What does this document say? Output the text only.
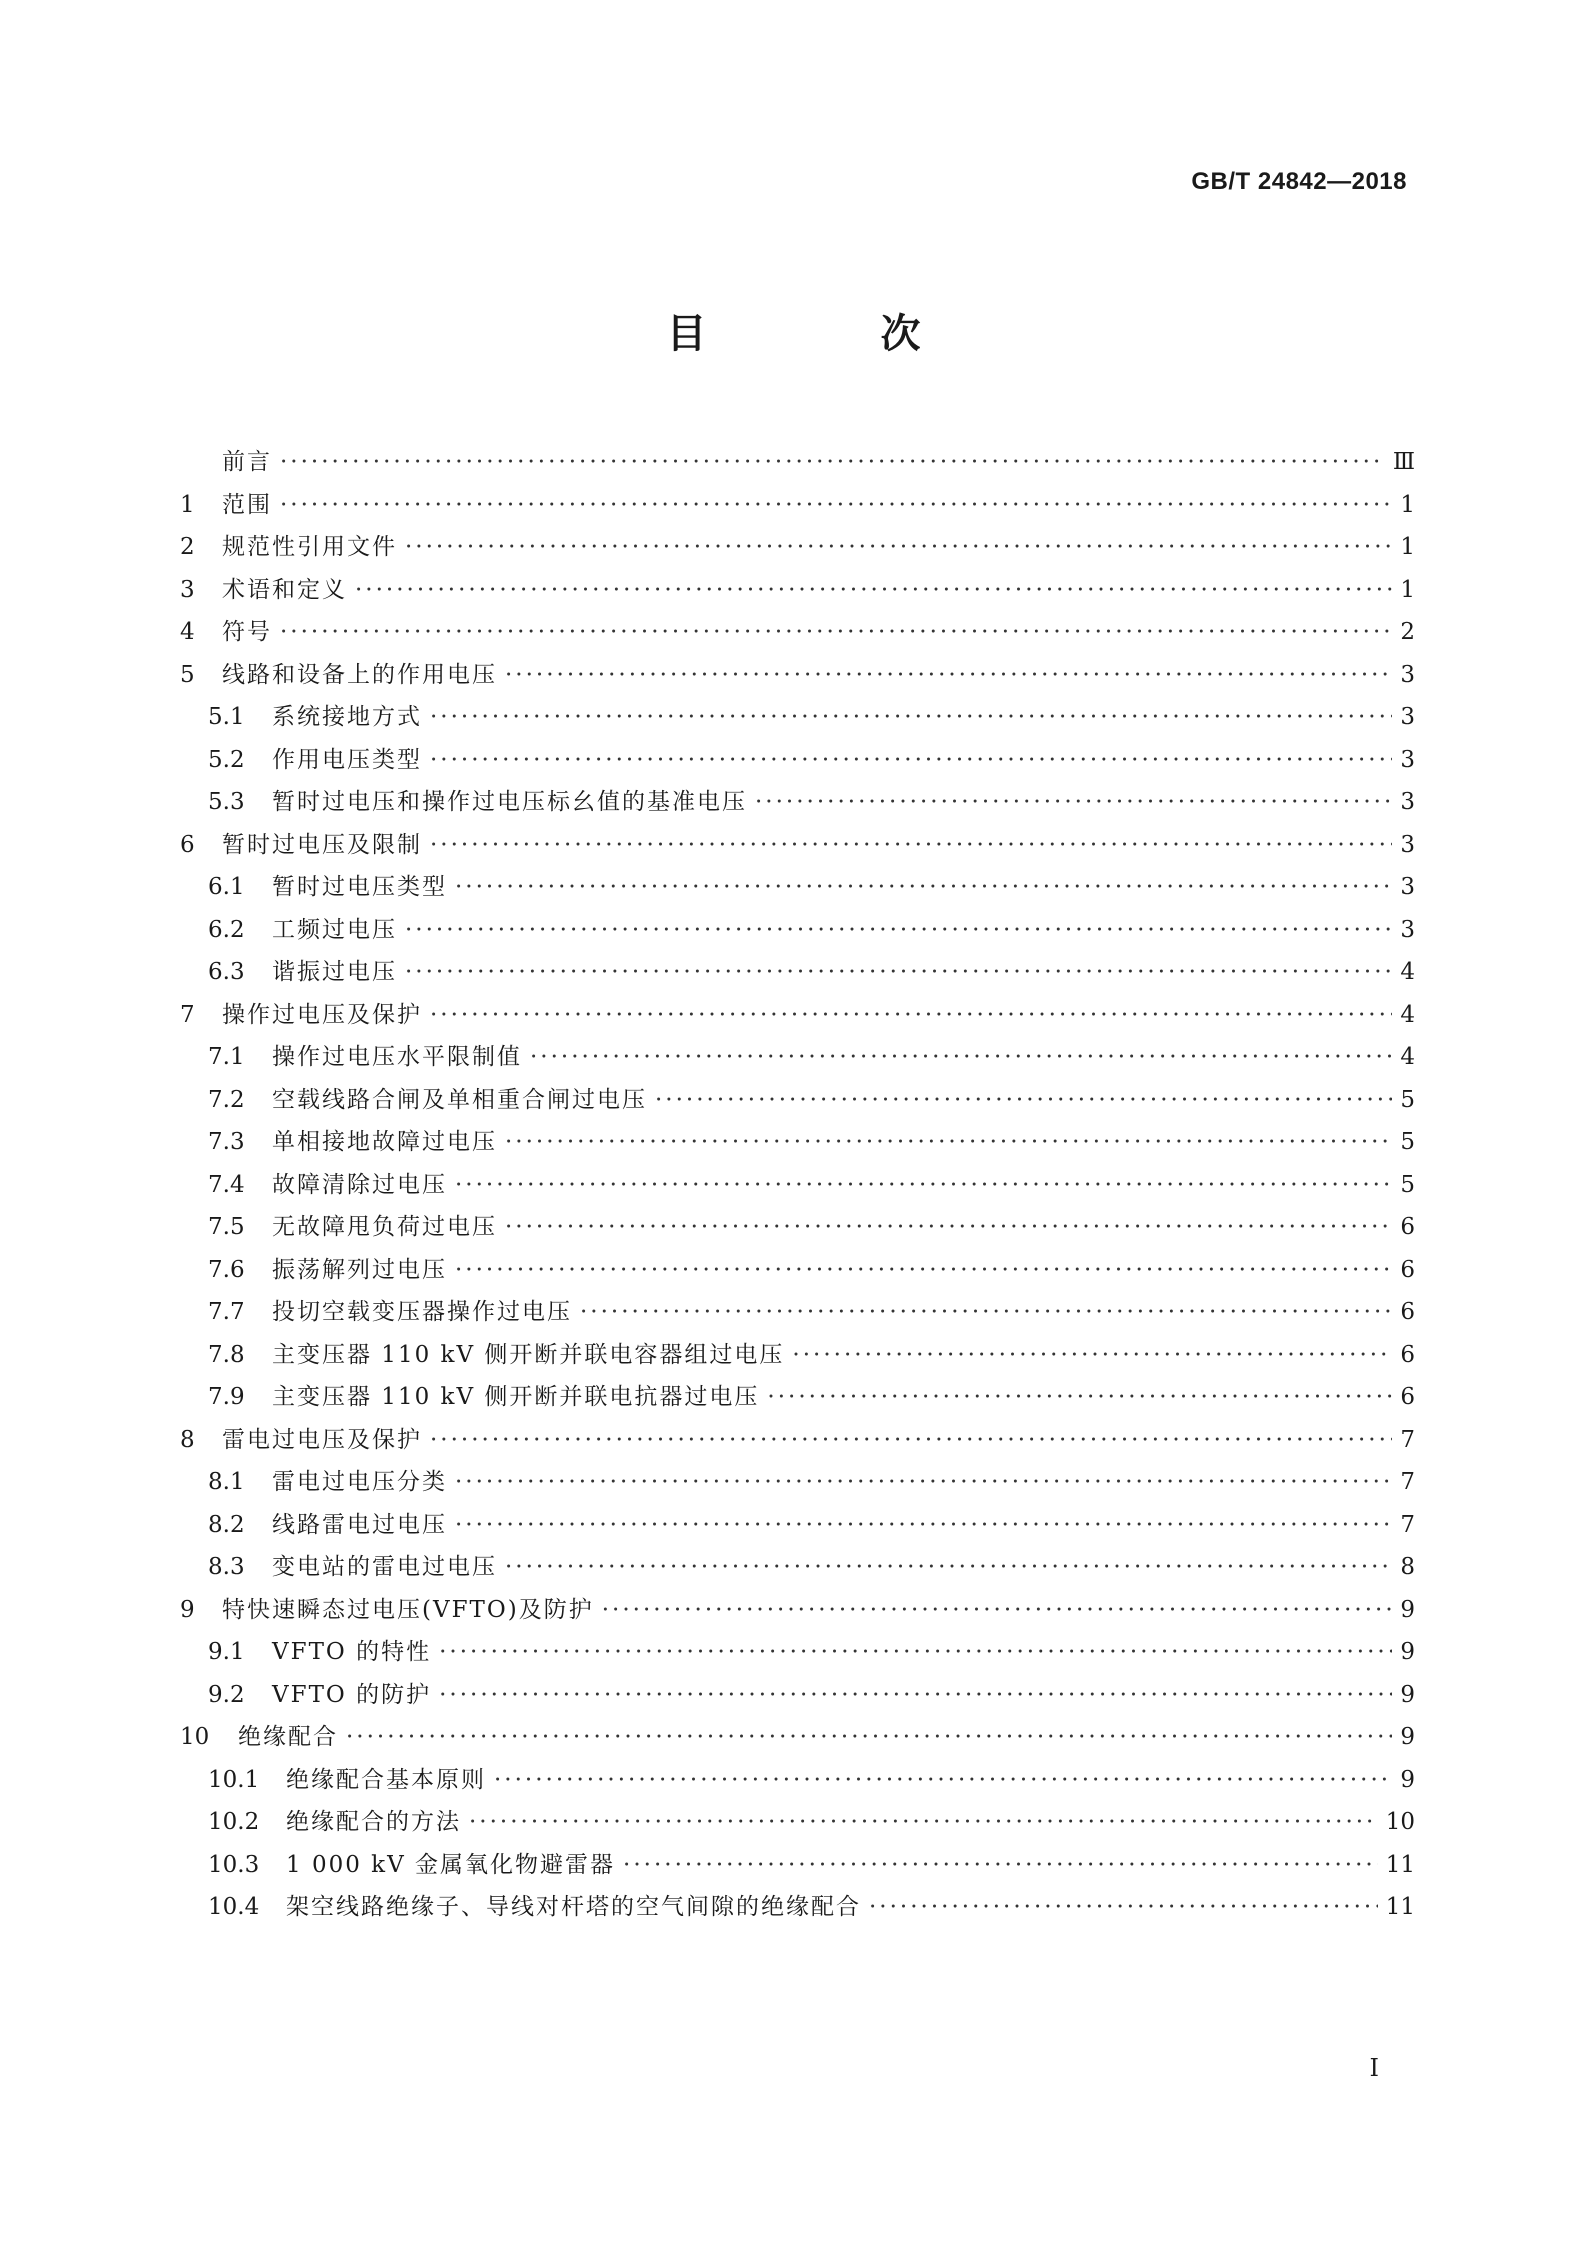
GB/T 24842—2018
目 次
前言 ·····	Ⅲ
1	范围 ·····	1
2	规范性引用文件 ·····	1
3	术语和定义 ·····	1
4	符号 ·····	2
5	线路和设备上的作用电压 ·····	3
5.1	系统接地方式 ·····	3
5.2	作用电压类型 ·····	3
5.3	暂时过电压和操作过电压标幺值的基准电压 ·····	3
6	暂时过电压及限制 ·····	3
6.1	暂时过电压类型 ·····	3
6.2	工频过电压 ·····	3
6.3	谐振过电压 ·····	4
7	操作过电压及保护 ·····	4
7.1	操作过电压水平限制值 ·····	4
7.2	空载线路合闸及单相重合闸过电压 ·····	5
7.3	单相接地故障过电压 ·····	5
7.4	故障清除过电压 ·····	5
7.5	无故障甩负荷过电压 ·····	6
7.6	振荡解列过电压 ·····	6
7.7	投切空载变压器操作过电压 ·····	6
7.8	主变压器 110 kV 侧开断并联电容器组过电压 ·····	6
7.9	主变压器 110 kV 侧开断并联电抗器过电压 ·····	6
8	雷电过电压及保护 ·····	7
8.1	雷电过电压分类 ·····	7
8.2	线路雷电过电压 ·····	7
8.3	变电站的雷电过电压 ·····	8
9	特快速瞬态过电压(VFTO)及防护 ·····	9
9.1	VFTO 的特性 ·····	9
9.2	VFTO 的防护 ·····	9
10	绝缘配合 ·····	9
10.1	绝缘配合基本原则 ·····	9
10.2	绝缘配合的方法 ·····	10
10.3	1 000 kV 金属氧化物避雷器 ·····	11
10.4	架空线路绝缘子、导线对杆塔的空气间隙的绝缘配合 ·····	11
I
